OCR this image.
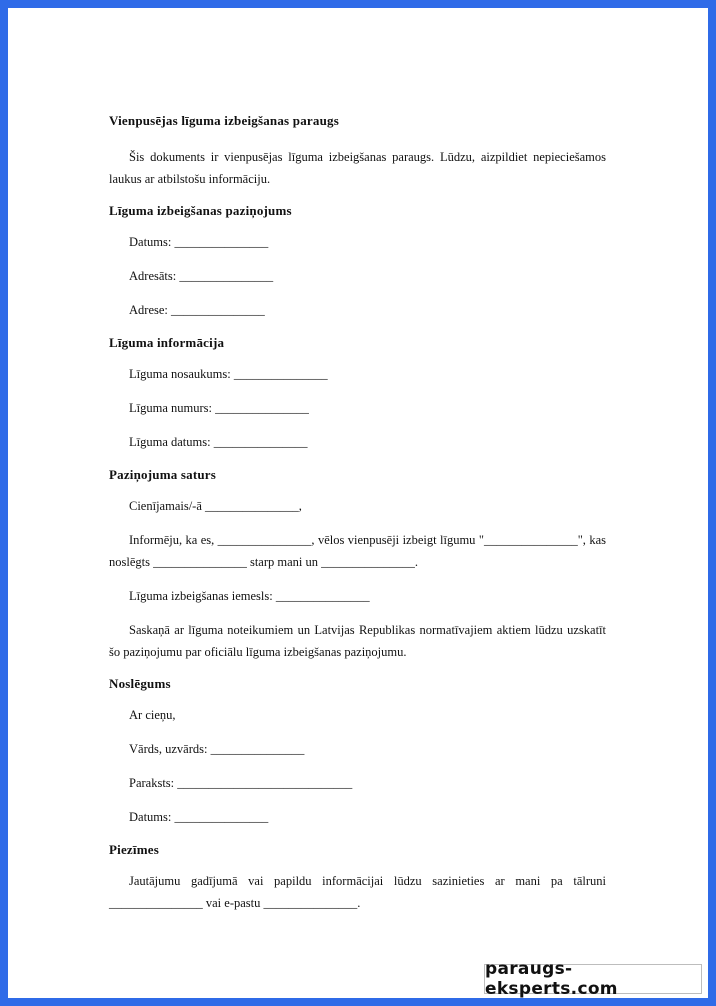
Vienpusējas līguma izbeigšanas paraugs

Šis dokuments ir vienpusējas līguma izbeigšanas paraugs. Lūdzu, aizpildiet nepieciešamos laukus ar atbilstošu informāciju.

Līguma izbeigšanas paziņojums

Datums: _______________

Adresāts: _______________

Adrese: _______________

Līguma informācija

Līguma nosaukums: _______________

Līguma numurs: _______________

Līguma datums: _______________

Paziņojuma saturs

Cienījamais/-ā _______________,

Informēju, ka es, _______________, vēlos vienpusēji izbeigt līgumu "_______________", kas noslēgts _______________ starp mani un _______________.

Līguma izbeigšanas iemesls: _______________

Saskaņā ar līguma noteikumiem un Latvijas Republikas normatīvajiem aktiem lūdzu uzskatīt šo paziņojumu par oficiālu līguma izbeigšanas paziņojumu.

Noslēgums

Ar cieņu,

Vārds, uzvārds: _______________

Paraksts: ____________________________

Datums: _______________

Piezīmes

Jautājumu gadījumā vai papildu informācijai lūdzu sazinieties ar mani pa tālruni _______________ vai e-pastu _______________.

paraugs-eksperts.com
